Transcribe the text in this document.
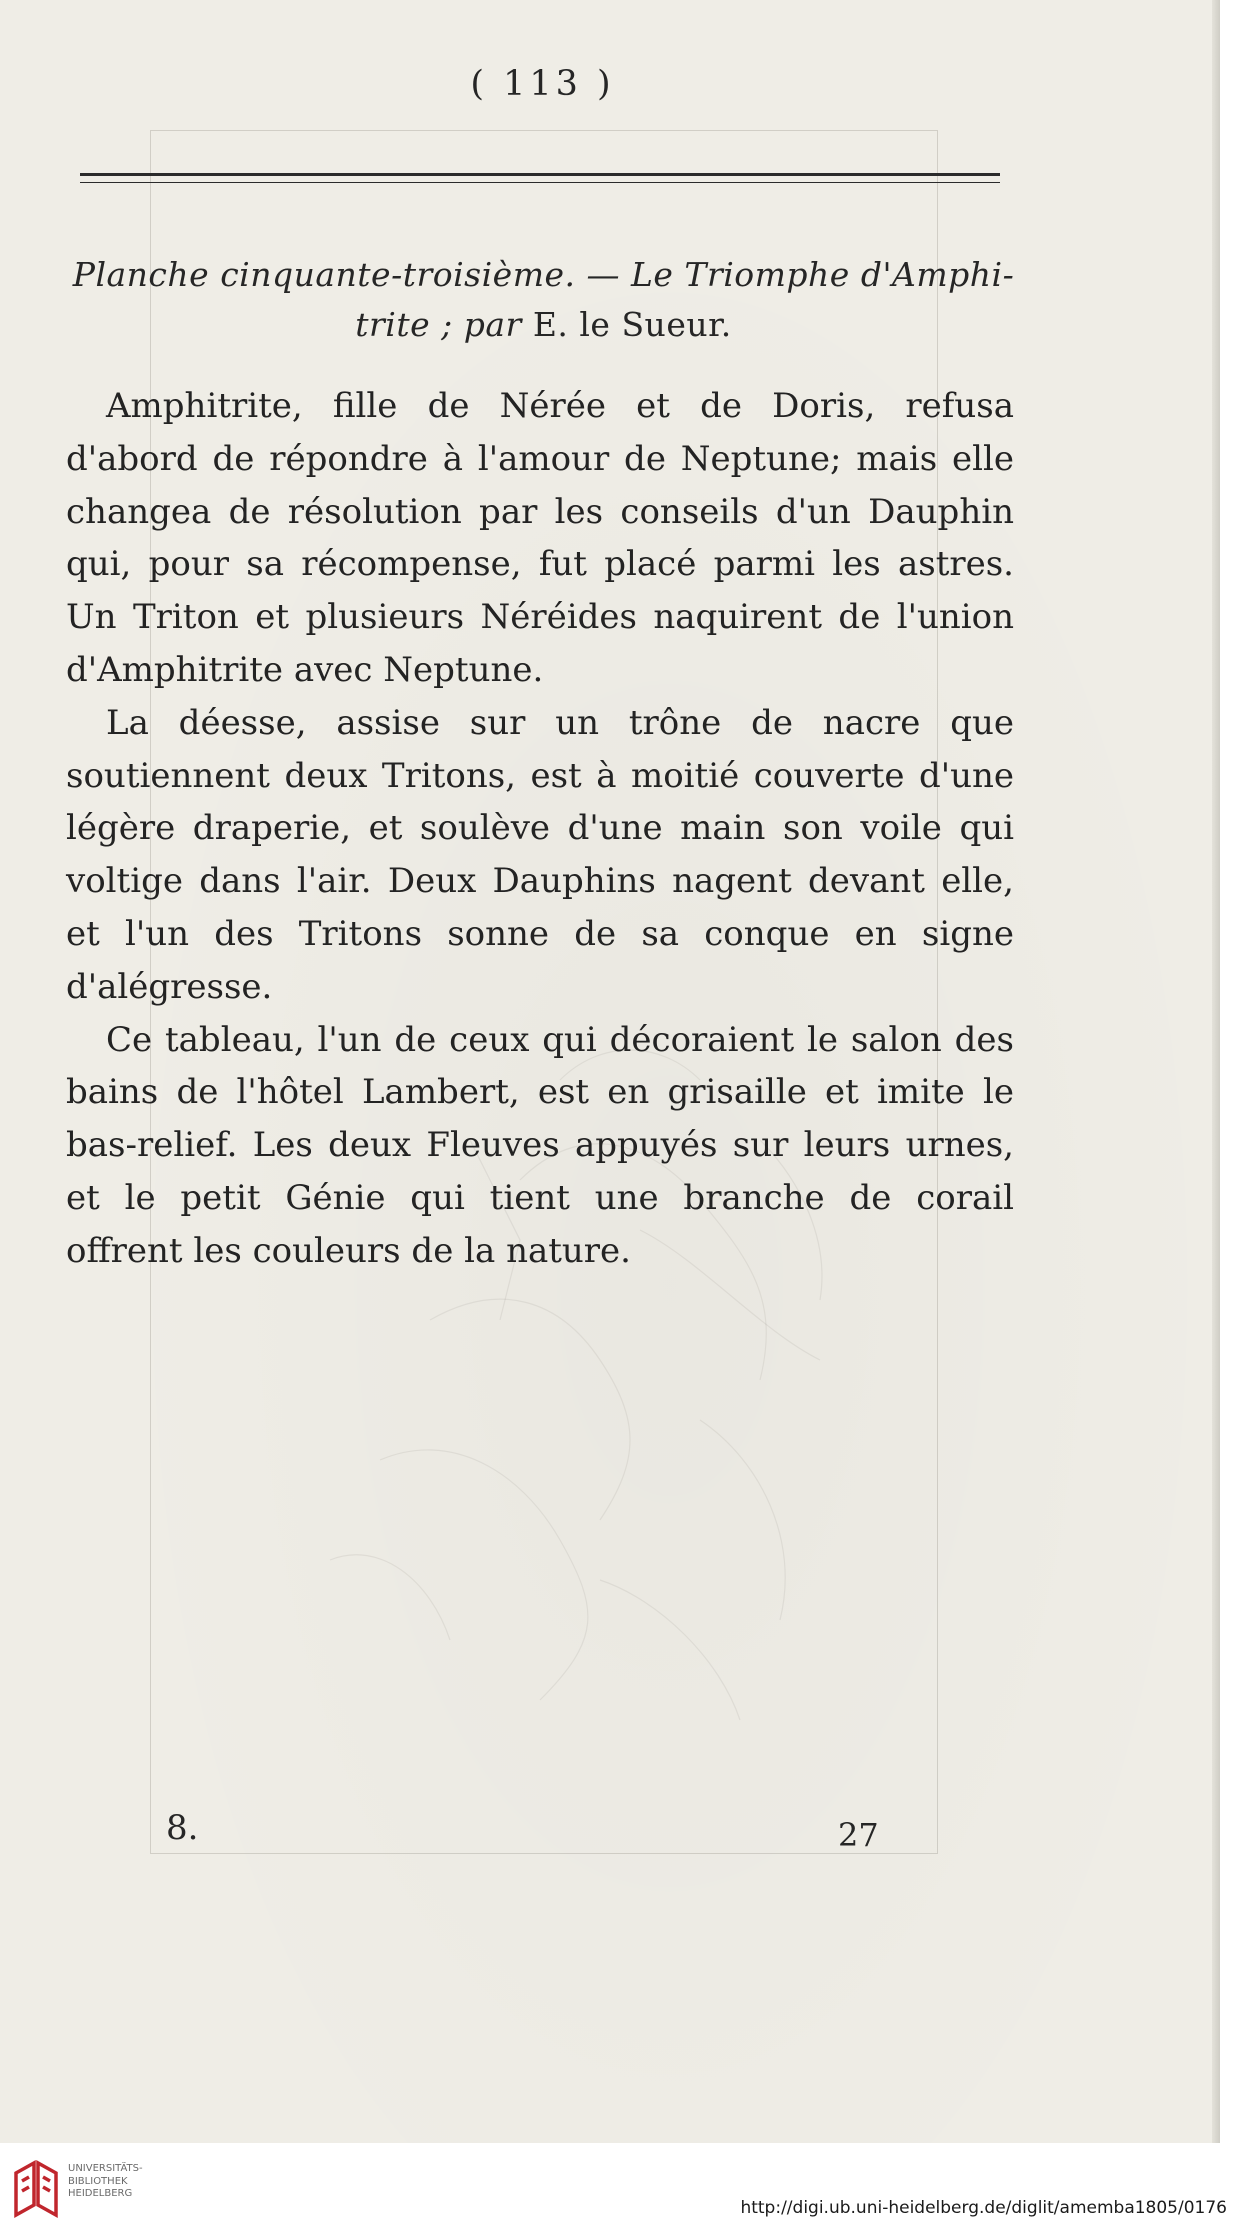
( 113 )
Planche cinquante-troisième. — Le Triomphe d'Amphi-
trite ; par E. le Sueur.

Amphitrite, fille de Nérée et de Doris, refusa d'abord de répondre à l'amour de Neptune; mais elle changea de résolution par les conseils d'un Dauphin qui, pour sa récompense, fut placé parmi les astres. Un Triton et plusieurs Néréides naquirent de l'union d'Amphitrite avec Neptune.

La déesse, assise sur un trône de nacre que soutiennent deux Tritons, est à moitié couverte d'une légère draperie, et soulève d'une main son voile qui voltige dans l'air. Deux Dauphins nagent devant elle, et l'un des Tritons sonne de sa conque en signe d'alégresse.

Ce tableau, l'un de ceux qui décoraient le salon des bains de l'hôtel Lambert, est en grisaille et imite le bas-relief. Les deux Fleuves appuyés sur leurs urnes, et le petit Génie qui tient une branche de corail offrent les couleurs de la nature.

8.	27
UNIVERSITÄTS-
BIBLIOTHEK
HEIDELBERG
http://digi.ub.uni-heidelberg.de/diglit/amemba1805/0176
